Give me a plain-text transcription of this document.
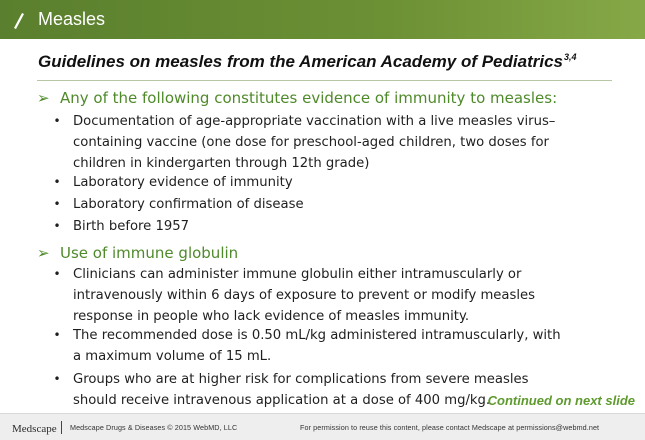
Measles
Guidelines on measles from the American Academy of Pediatrics$^{3,4}$
➢ Any of the following constitutes evidence of immunity to measles:
• Documentation of age-appropriate vaccination with a live measles virus–containing vaccine (one dose for preschool-aged children, two doses for children in kindergarten through 12th grade)
• Laboratory evidence of immunity
• Laboratory confirmation of disease
• Birth before 1957
➢ Use of immune globulin
• Clinicians can administer immune globulin either intramuscularly or intravenously within 6 days of exposure to prevent or modify measles response in people who lack evidence of measles immunity.
• The recommended dose is 0.50 mL/kg administered intramuscularly, with a maximum volume of 15 mL.
• Groups who are at higher risk for complications from severe measles should receive intravenous application at a dose of 400 mg/kg.
Continued on next slide
Medscape Medscape Drugs & Diseases © 2015 WebMD, LLC	For permission to reuse this content, please contact Medscape at permissions@webmd.net
